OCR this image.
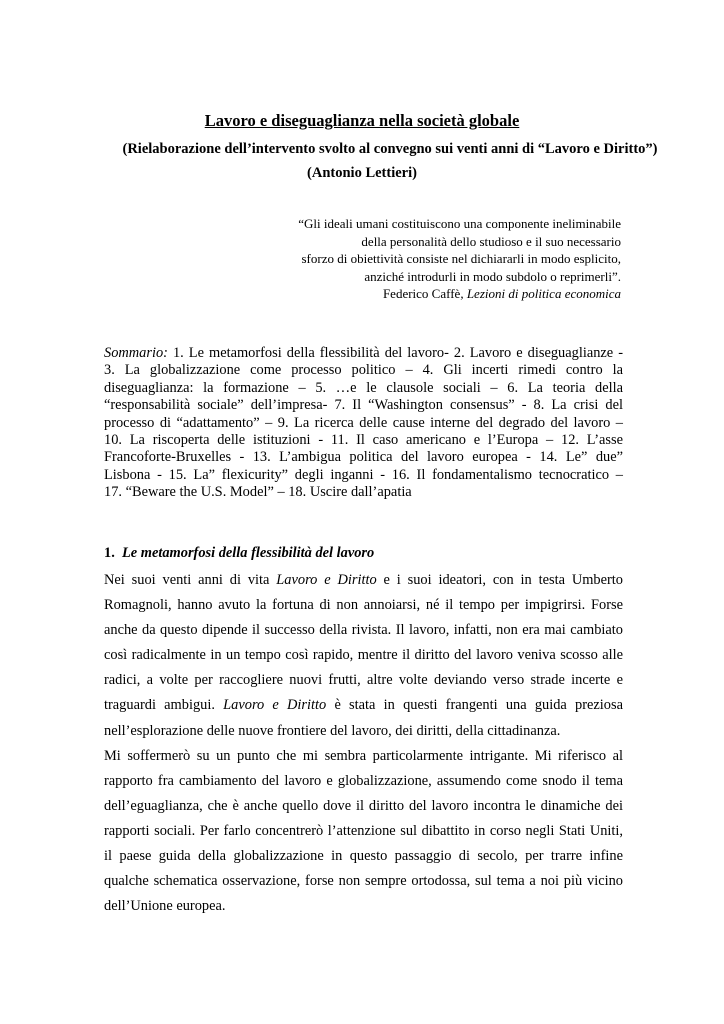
Lavoro e diseguaglianza nella società globale
(Rielaborazione dell’intervento svolto al convegno sui venti anni di “Lavoro e Diritto”)
(Antonio Lettieri)
“Gli ideali umani costituiscono una componente ineliminabile
della personalità dello studioso e il suo necessario
sforzo di obiettività consiste nel dichiararli in modo esplicito,
anziché introdurli in modo subdolo o reprimerli”.
Federico Caffè, Lezioni di politica economica
Sommario: 1. Le metamorfosi della flessibilità del lavoro- 2. Lavoro e diseguaglianze -
3. La globalizzazione come processo politico – 4. Gli incerti rimedi contro la
diseguaglianza: la formazione – 5. …e le clausole sociali – 6. La teoria della
“responsabilità sociale” dell’impresa- 7. Il “Washington consensus” - 8. La crisi del
processo di “adattamento” – 9. La ricerca delle cause interne del degrado del lavoro –
10. La riscoperta delle istituzioni - 11. Il caso americano e l’Europa – 12. L’asse
Francoforte-Bruxelles - 13. L’ambigua politica del lavoro europea - 14. Le” due”
Lisbona - 15. La” flexicurity” degli inganni - 16. Il fondamentalismo tecnocratico –
17. “Beware the U.S. Model” – 18. Uscire dall’apatia
1. Le metamorfosi della flessibilità del lavoro
Nei suoi venti anni di vita Lavoro e Diritto e i suoi ideatori, con in testa Umberto
Romagnoli, hanno avuto la fortuna di non annoiarsi, né il tempo per impigrirsi. Forse
anche da questo dipende il successo della rivista. Il lavoro, infatti, non era mai cambiato
così radicalmente in un tempo così rapido, mentre il diritto del lavoro veniva scosso alle
radici, a volte per raccogliere nuovi frutti, altre volte deviando verso strade incerte e
traguardi ambigui. Lavoro e Diritto è stata in questi frangenti una guida preziosa
nell’esplorazione delle nuove frontiere del lavoro, dei diritti, della cittadinanza.
Mi soffermerò su un punto che mi sembra particolarmente intrigante. Mi riferisco al
rapporto fra cambiamento del lavoro e globalizzazione, assumendo come snodo il tema
dell’eguaglianza, che è anche quello dove il diritto del lavoro incontra le dinamiche dei
rapporti sociali. Per farlo concentrerò l’attenzione sul dibattito in corso negli Stati Uniti,
il paese guida della globalizzazione in questo passaggio di secolo, per trarre infine
qualche schematica osservazione, forse non sempre ortodossa, sul tema a noi più vicino
dell’Unione europea.
